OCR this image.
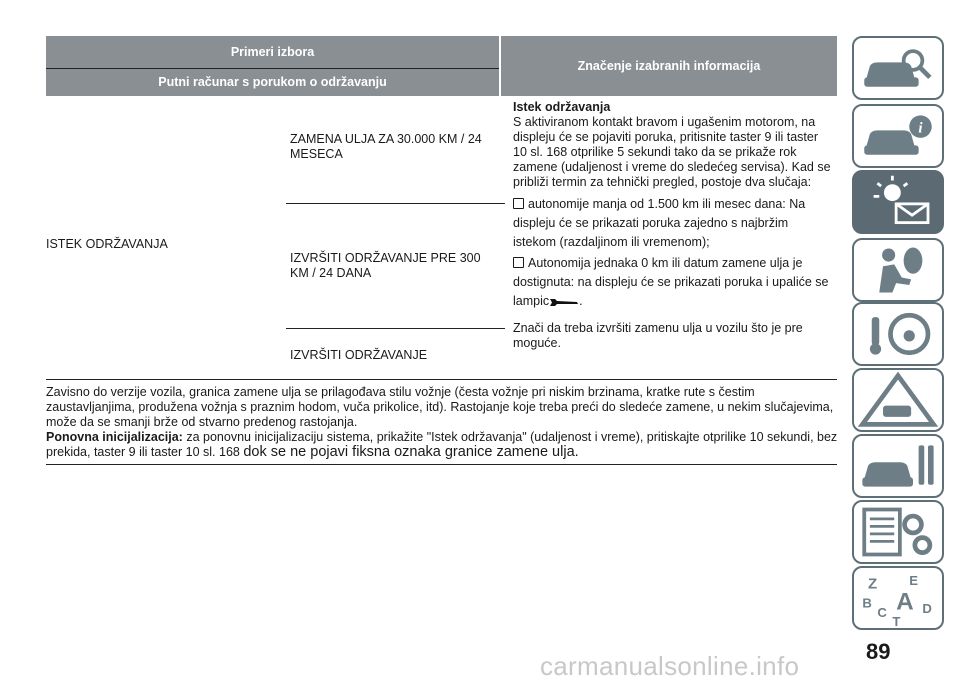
Primeri izbora
Putni računar s porukom o održavanju
Značenje izabranih informacija
ISTEK ODRŽAVANJA
ZAMENA ULJA ZA 30.000 KM / 24 MESECA
IZVRŠITI ODRŽAVANJE PRE 300 KM / 24 DANA
IZVRŠITI ODRŽAVANJE
Istek održavanja
S aktiviranom kontakt bravom i ugašenim motorom, na displeju će se pojaviti poruka, pritisnite taster 9 ili taster 10 sl. 168 otprilike 5 sekundi tako da se prikaže rok zamene (udaljenost i vreme do sledećeg servisa). Kad se približi termin za tehnički pregled, postoje dva slučaja:
autonomije manja od 1.500 km ili mesec dana: Na displeju će se prikazati poruka zajedno s najbržim istekom (razdaljinom ili vremenom);
Autonomija jednaka 0 km ili datum zamene ulja je dostignuta: na displeju će se prikazati poruka i upaliće se lampic .
Znači da treba izvršiti zamenu ulja u vozilu što je pre moguće.
Zavisno do verzije vozila, granica zamene ulja se prilagođava stilu vožnje (česta vožnje pri niskim brzinama, kratke rute s čestim zaustavljanjima, produžena vožnja s praznim hodom, vuča prikolice, itd). Rastojanje koje treba preći do sledeće zamene, u nekim slučajevima, može da se smanji brže od stvarno predenog rastojanja.
Ponovna inicijalizacija: za ponovnu inicijalizaciju sistema, prikažite "Istek održavanja" (udaljenost i vreme), pritiskajte otprilike 10 sekundi, bez prekida, taster 9 ili taster 10 sl. 168 dok se ne pojavi fiksna oznaka granice zamene ulja.
i
Z E
B A
C	D
T
89
carmanualsonline.info
